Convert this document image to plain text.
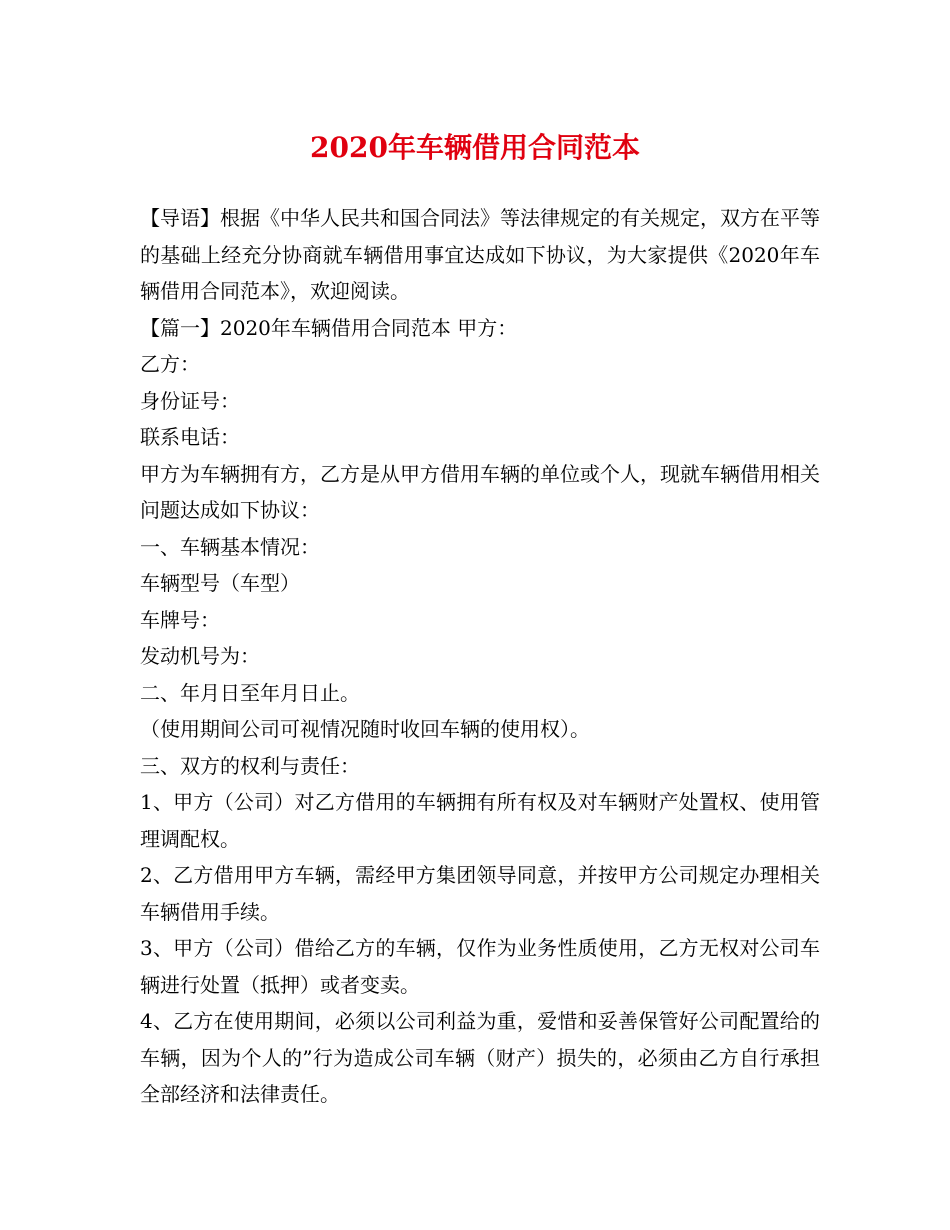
2020年车辆借用合同范本

【导语】根据《中华人民共和国合同法》等法律规定的有关规定，双方在平等的基础上经充分协商就车辆借用事宜达成如下协议，为大家提供《2020年车辆借用合同范本》，欢迎阅读。

【篇一】2020年车辆借用合同范本 甲方：

乙方：

身份证号：

联系电话：

甲方为车辆拥有方，乙方是从甲方借用车辆的单位或个人，现就车辆借用相关问题达成如下协议：

一、车辆基本情况：

车辆型号（车型）

车牌号：

发动机号为：

二、年月日至年月日止。

（使用期间公司可视情况随时收回车辆的使用权）。

三、双方的权利与责任：

1、甲方（公司）对乙方借用的车辆拥有所有权及对车辆财产处置权、使用管理调配权。

2、乙方借用甲方车辆，需经甲方集团领导同意，并按甲方公司规定办理相关车辆借用手续。

3、甲方（公司）借给乙方的车辆，仅作为业务性质使用，乙方无权对公司车辆进行处置（抵押）或者变卖。

4、乙方在使用期间，必须以公司利益为重，爱惜和妥善保管好公司配置给的车辆，因为个人的”行为造成公司车辆（财产）损失的，必须由乙方自行承担全部经济和法律责任。
